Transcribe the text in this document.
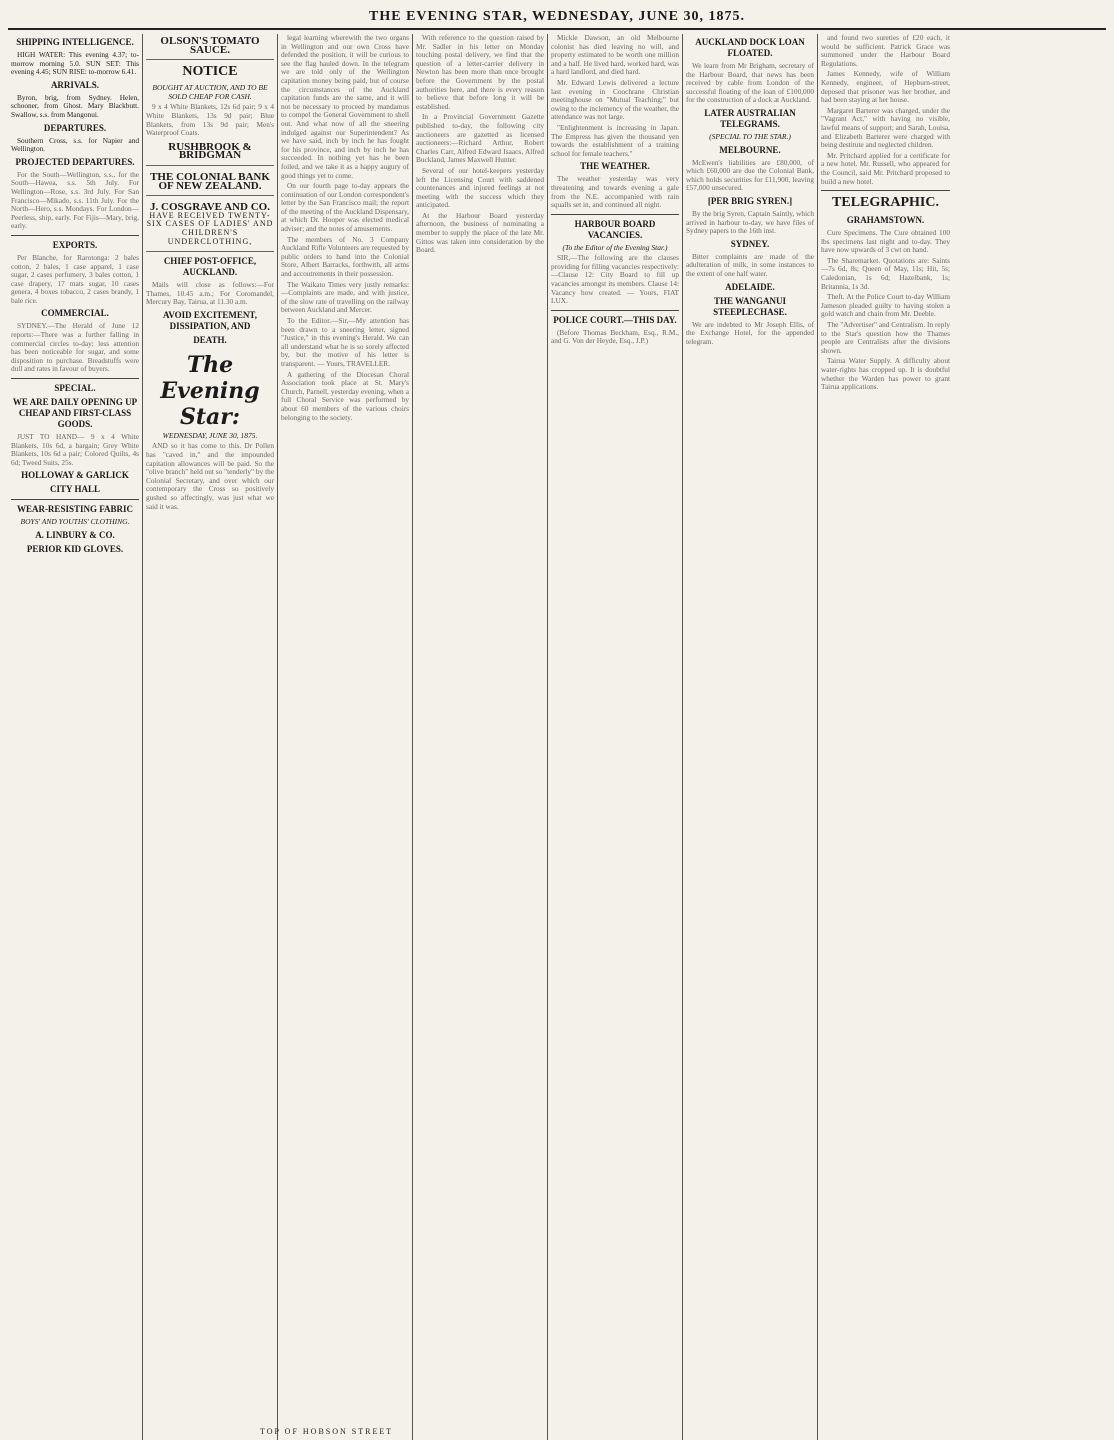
THE EVENING STAR, WEDNESDAY, JUNE 30, 1875.
SHIPPING INTELLIGENCE.
HIGH WATER: This evening 4.37; to-morrow morning 5.0. SUN SET: This evening 4.45; SUN RISE: to-morrow 6.41.
ARRIVALS.
Byron, brig, from Sydney. Helen, schooner, from Ghost. Mary Blackbutt. Swallow, s.s. from Mangonui.
DEPARTURES.
Southern Cross, s.s. for Napier and Wellington.
PROJECTED DEPARTURES.
For the South—Wellington, s.s., for the South—Hawea, s.s. 5th July. For Wellington—Rose, s.s. 3rd July. For San Francisco—Mikado, s.s. 11th July. For the North—Hero, s.s. Mondays. For London—Peerless, ship, early. For Fijis—Mary, brig, early.
EXPORTS.
Per Blanche, for Rarotonga: 2 bales cotton, 2 bales, 1 case apparel, 1 case sugar, 2 cases perfumery, 3 bales cotton, 1 case drapery, 17 mats sugar, 10 cases genera, 4 boxes tobacco, 2 cases brandy, 1 bale rice.
COMMERCIAL.
SYDNEY.—The Herald of June 12 reports:—There was a further falling in commercial circles to-day; less attention has been noticeable for sugar, and some disposition to purchase. Breadstuffs were dull and rates in favour of buyers.
SPECIAL.
WE ARE DAILY OPENING UP CHEAP AND FIRST-CLASS GOODS.
JUST TO HAND— 9 x 4 White Blankets, 10s 6d, a bargain; Grey White Blankets, 10s 6d a pair; Colored Quilts, 4s 6d; Tweed Suits, 25s.
HOLLOWAY & GARLICK
CITY HALL
WEAR-RESISTING FABRIC
BOYS' AND YOUTHS' CLOTHING.
A. LINBURY & CO.
PERIOR KID GLOVES.
OLSON'S TOMATO SAUCE.
NOTICE
BOUGHT AT AUCTION, AND TO BE SOLD CHEAP FOR CASH.
9 x 4 White Blankets, 12s 6d pair; 9 x 4 White Blankets, 13s 9d pair; Blue Blankets, from 13s 9d pair; Men's Waterproof Coats.
RUSHBROOK & BRIDGMAN
THE COLONIAL BANK OF NEW ZEALAND.
J. COSGRAVE AND CO.
HAVE RECEIVED TWENTY-SIX CASES OF LADIES' AND CHILDREN'S UNDERCLOTHING,
CHIEF POST-OFFICE, AUCKLAND.
Mails will close as follows:—For Thames, 10.45 a.m.; For Coromandel, Mercury Bay, Tairua, at 11.30 a.m.
AVOID EXCITEMENT, DISSIPATION, AND
DEATH.
The Evening Star:
WEDNESDAY, JUNE 30, 1875.
AND so it has come to this. Dr Pollen has "caved in," and the impounded capitation allowances will be paid. So the "olive branch" held out so "tenderly" by the Colonial Secretary, and over which our contemporary the Cross so positively gushed so affectingly, was just what we said it was.
legal learning wherewith the two organs in Wellington and our own Cross have defended the position, it will be curious to see the flag hauled down. In the telegram we are told only of the Wellington capitation money being paid, but of course the circumstances of the Auckland capitation funds are the same, and it will not be necessary to proceed by mandamus to compel the General Government to shell out. And what now of all the sneering indulged against our Superintendent? As we have said, inch by inch he has fought for his province, and inch by inch he has succeeded. In nothing yet has he been foiled, and we take it as a happy augury of good things yet to come.
On our fourth page to-day appears the continuation of our London correspondent's letter by the San Francisco mail; the report of the meeting of the Auckland Dispensary, at which Dr. Hooper was elected medical adviser; and the notes of amusements.
The members of No. 3 Company Auckland Rifle Volunteers are requested by public orders to hand into the Colonial Store, Albert Barracks, forthwith, all arms and accoutrements in their possession.
The Waikato Times very justly remarks:—Complaints are made, and with justice, of the slow rate of travelling on the railway between Auckland and Mercer.
To the Editor.—Sir,—My attention has been drawn to a sneering letter, signed "Justice," in this evening's Herald. We can all understand what he is so sorely affected by, but the motive of his letter is transparent. — Yours, TRAVELLER.
A gathering of the Diocesan Choral Association took place at St. Mary's Church, Parnell, yesterday evening, when a full Choral Service was performed by about 60 members of the various choirs belonging to the society.
With reference to the question raised by Mr. Sadler in his letter on Monday touching postal delivery, we find that the question of a letter-carrier delivery in Newton has been more than once brought before the Government by the postal authorities here, and there is every reason to believe that before long it will be established.
In a Provincial Government Gazette published to-day, the following city auctioneers are gazetted as licensed auctioneers:—Richard Arthur, Robert Charles Carr, Alfred Edward Isaacs, Alfred Buckland, James Maxwell Hunter.
Several of our hotel-keepers yesterday left the Licensing Court with saddened countenances and injured feelings at not meeting with the success which they anticipated.
At the Harbour Board yesterday afternoon, the business of nominating a member to supply the place of the late Mr. Gittos was taken into consideration by the Board.
Mickle Dawson, an old Melbourne colonist has died leaving no will, and property estimated to be worth one million and a half. He lived hard, worked hard, was a hard landlord, and died hard.
Mr. Edward Lewis delivered a lecture last evening in Coochrane Christian meetinghouse on "Mutual Teaching;" but owing to the inclemency of the weather, the attendance was not large.
"Enlightenment is increasing in Japan. The Empress has given the thousand yen towards the establishment of a training school for female teachers."
THE WEATHER.
The weather yesterday was very threatening and towards evening a gale from the N.E. accompanied with rain squalls set in, and continued all night.
HARBOUR BOARD VACANCIES.
(To the Editor of the Evening Star.)
SIR,—The following are the clauses providing for filling vacancies respectively:—Clause 12: City Board to fill up vacancies amongst its members. Clause 14: Vacancy how created. — Yours, FIAT LUX.
POLICE COURT.—THIS DAY.
(Before Thomas Beckham, Esq., R.M., and G. Von der Heyde, Esq., J.P.)
AUCKLAND DOCK LOAN FLOATED.
We learn from Mr Brigham, secretary of the Harbour Board, that news has been received by cable from London of the successful floating of the loan of £100,000 for the construction of a dock at Auckland.
LATER AUSTRALIAN TELEGRAMS.
(SPECIAL TO THE STAR.)
MELBOURNE.
McEwen's liabilities are £80,000, of which £60,000 are due the Colonial Bank, which holds securities for £11,900, leaving £57,000 unsecured.
[PER BRIG SYREN.]
By the brig Syren, Captain Saintly, which arrived in harbour to-day, we have files of Sydney papers to the 16th inst.
SYDNEY.
Bitter complaints are made of the adulteration of milk, in some instances to the extent of one half water.
ADELAIDE.
THE WANGANUI STEEPLECHASE.
We are indebted to Mr Joseph Ellis, of the Exchange Hotel, for the appended telegram.
and found two sureties of £20 each, it would be sufficient. Patrick Grace was summoned under the Harbour Board Regulations.
James Kennedy, wife of William Kennedy, engineer, of Hepburn-street, deposed that prisoner was her brother, and had been staying at her house.
Margaret Barterer was charged, under the "Vagrant Act," with having no visible, lawful means of support; and Sarah, Louisa, and Elizabeth Barterer were charged with being destitute and neglected children.
Mr. Pritchard applied for a certificate for a new hotel. Mr. Russell, who appeared for the Council, said Mr. Pritchard proposed to build a new hotel.
TELEGRAPHIC.
GRAHAMSTOWN.
Cure Specimens. The Cure obtained 100 lbs specimens last night and to-day. They have now upwards of 3 cwt on hand.
The Sharemarket. Quotations are: Saints—7s 6d, 8s; Queen of May, 11s; Hit, 5s; Caledonian, 1s 6d; Hazelbank, 1s; Britannia, 1s 3d.
Theft. At the Police Court to-day William Jameson pleaded guilty to having stolen a gold watch and chain from Mr. Deeble.
The "Advertiser" and Centralism. In reply to the Star's question how the Thames people are Centralists after the divisions shown.
Tairua Water Supply. A difficulty about water-rights has cropped up. It is doubtful whether the Warden has power to grant Tairua applications.
TOP OF HOBSON STREET
